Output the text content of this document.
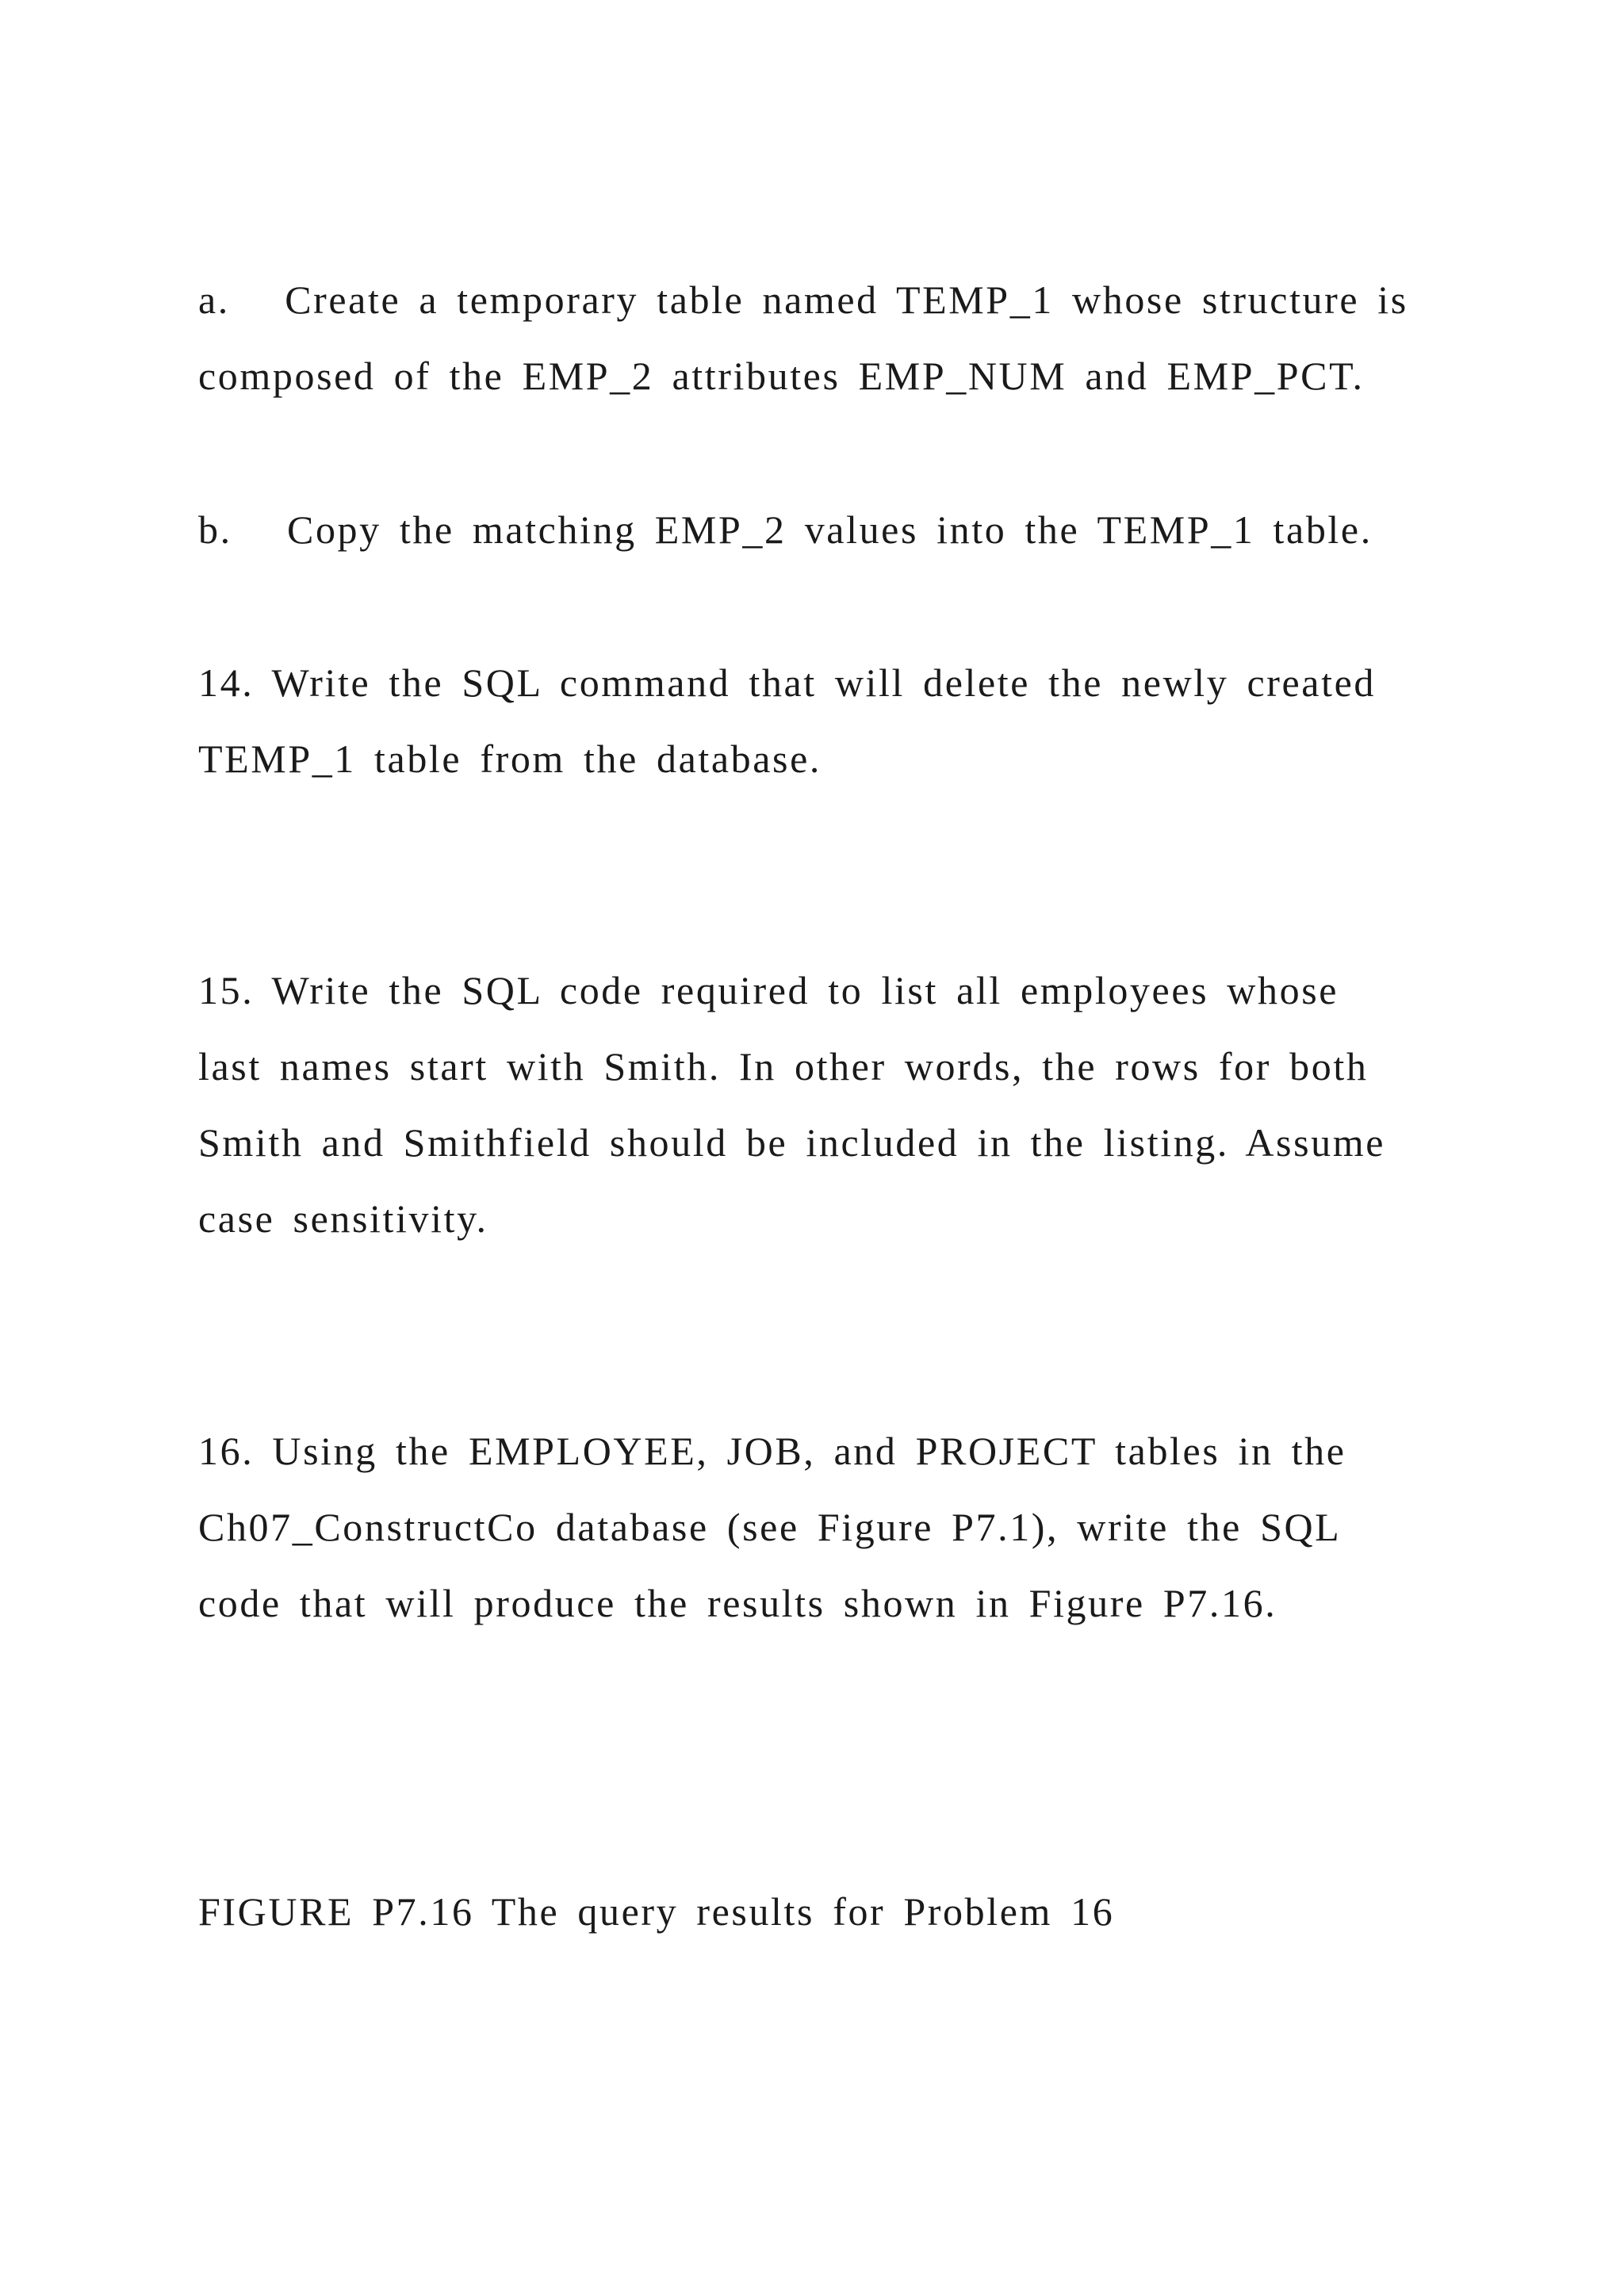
a.   Create a temporary table named TEMP_1 whose structure is
composed of the EMP_2 attributes EMP_NUM and EMP_PCT.

b.   Copy the matching EMP_2 values into the TEMP_1 table.

14. Write the SQL command that will delete the newly created
TEMP_1 table from the database.

15. Write the SQL code required to list all employees whose
last names start with Smith. In other words, the rows for both
Smith and Smithfield should be included in the listing. Assume
case sensitivity.

16. Using the EMPLOYEE, JOB, and PROJECT tables in the
Ch07_ConstructCo database (see Figure P7.1), write the SQL
code that will produce the results shown in Figure P7.16.

FIGURE P7.16 The query results for Problem 16
